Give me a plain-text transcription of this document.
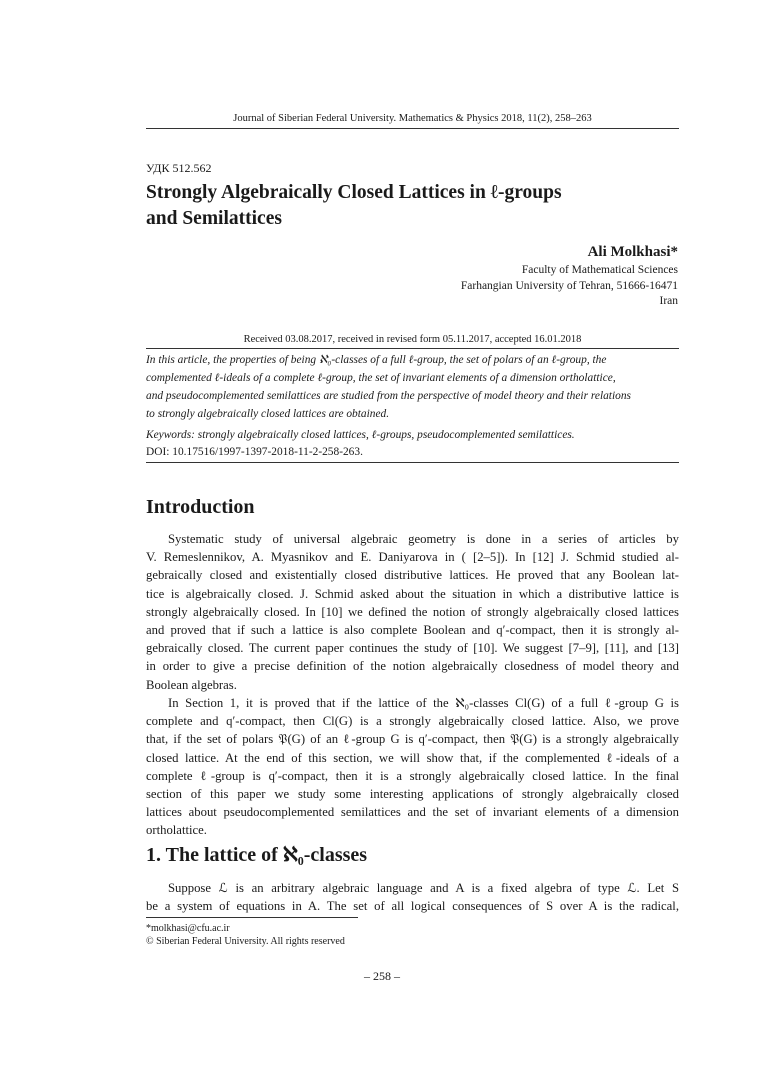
Journal of Siberian Federal University. Mathematics & Physics 2018, 11(2), 258–263
УДК 512.562
Strongly Algebraically Closed Lattices in ℓ-groups
and Semilattices
Ali Molkhasi*
Faculty of Mathematical Sciences
Farhangian University of Tehran, 51666-16471
Iran
Received 03.08.2017, received in revised form 05.11.2017, accepted 16.01.2018
In this article, the properties of being ℵ₀-classes of a full ℓ-group, the set of polars of an ℓ-group, the
complemented ℓ-ideals of a complete ℓ-group, the set of invariant elements of a dimension ortholattice,
and pseudocomplemented semilattices are studied from the perspective of model theory and their relations
to strongly algebraically closed lattices are obtained.
Keywords: strongly algebraically closed lattices, ℓ-groups, pseudocomplemented semilattices.
DOI: 10.17516/1997-1397-2018-11-2-258-263.
Introduction
Systematic study of universal algebraic geometry is done in a series of articles by
V. Remeslennikov, A. Myasnikov and E. Daniyarova in ( [2–5]). In [12] J. Schmid studied al-
gebraically closed and existentially closed distributive lattices. He proved that any Boolean lat-
tice is algebraically closed. J. Schmid asked about the situation in which a distributive lattice is
strongly algebraically closed. In [10] we defined the notion of strongly algebraically closed lattices
and proved that if such a lattice is also complete Boolean and q′-compact, then it is strongly al-
gebraically closed. The current paper continues the study of [10]. We suggest [7–9], [11], and [13]
in order to give a precise definition of the notion algebraically closedness of model theory and
Boolean algebras.
In Section 1, it is proved that if the lattice of the ℵ₀-classes Cl(G) of a full ℓ-group G is
complete and q′-compact, then Cl(G) is a strongly algebraically closed lattice. Also, we prove
that, if the set of polars 𝔓(G) of an ℓ-group G is q′-compact, then 𝔓(G) is a strongly algebraically
closed lattice. At the end of this section, we will show that, if the complemented ℓ-ideals of a
complete ℓ-group is q′-compact, then it is a strongly algebraically closed lattice. In the final
section of this paper we study some interesting applications of strongly algebraically closed
lattices about pseudocomplemented semilattices and the set of invariant elements of a dimension
ortholattice.
1. The lattice of ℵ₀-classes
Suppose ℒ is an arbitrary algebraic language and A is a fixed algebra of type ℒ. Let S
be a system of equations in A. The set of all logical consequences of S over A is the radical,
*molkhasi@cfu.ac.ir
© Siberian Federal University. All rights reserved
– 258 –
